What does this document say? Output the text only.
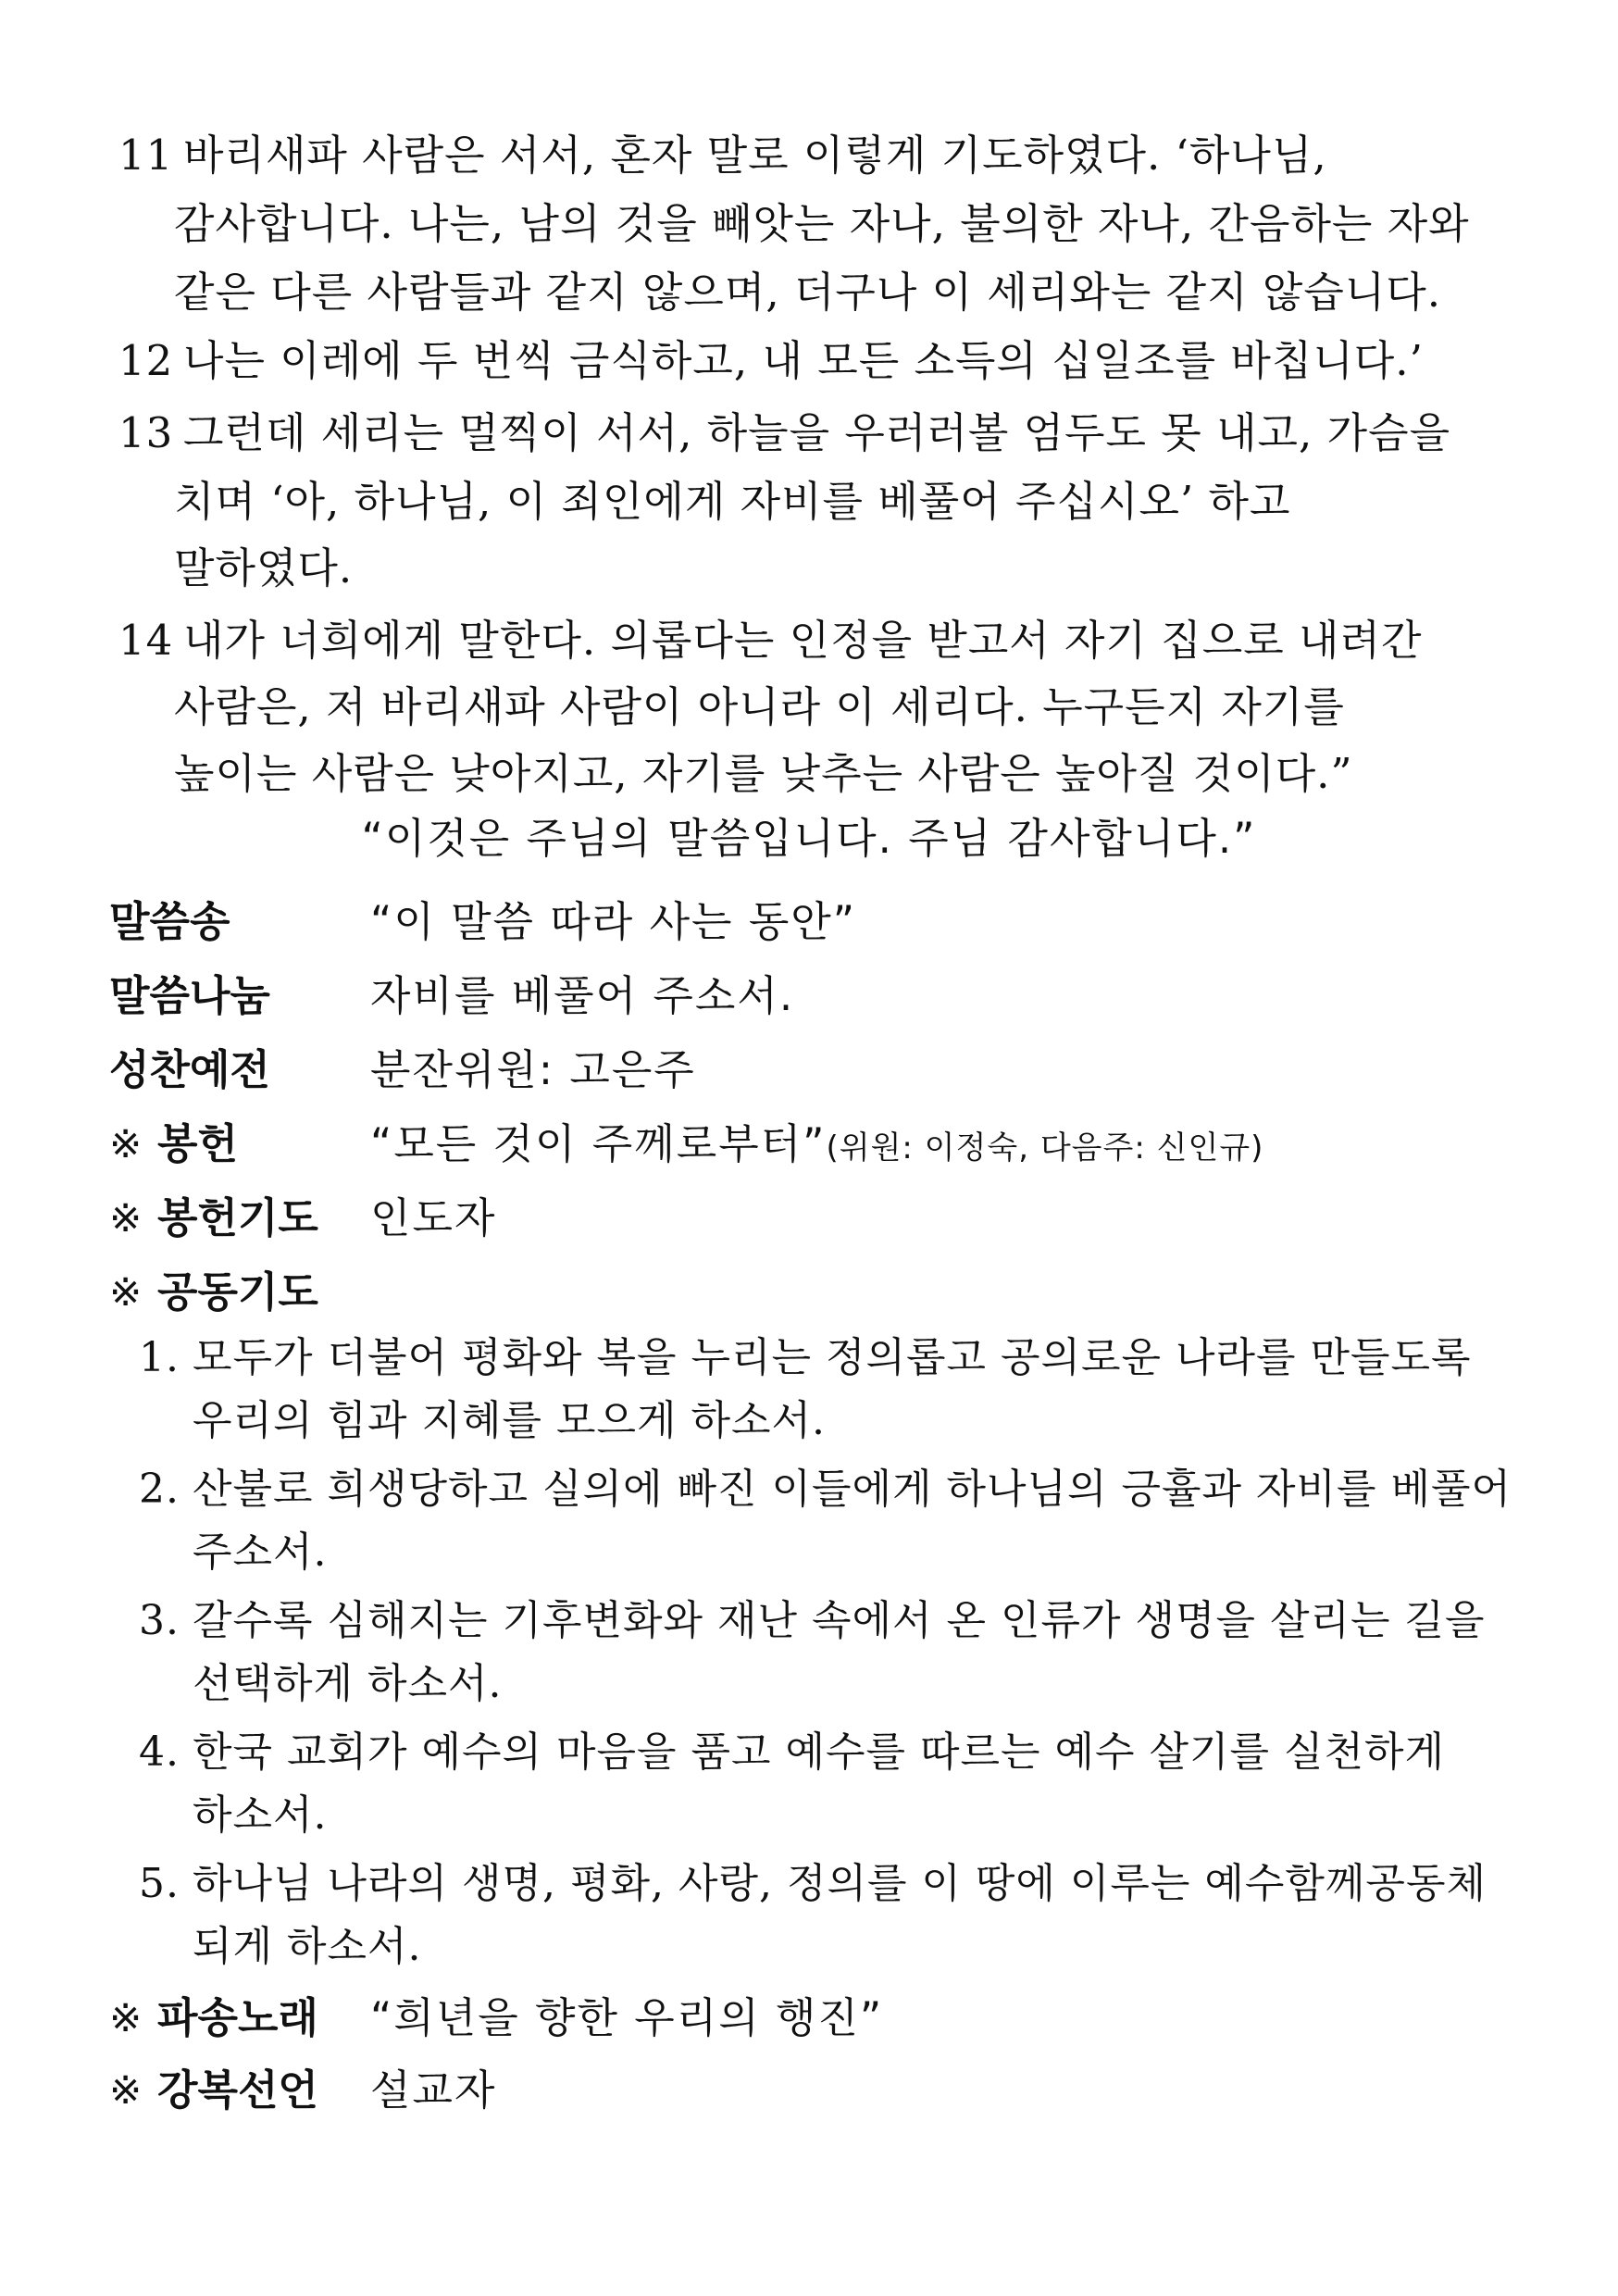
11 바리새파 사람은 서서, 혼자 말로 이렇게 기도하였다. ‘하나님,
감사합니다. 나는, 남의 것을 빼앗는 자나, 불의한 자나, 간음하는 자와
같은 다른 사람들과 같지 않으며, 더구나 이 세리와는 같지 않습니다.
12 나는 이레에 두 번씩 금식하고, 내 모든 소득의 십일조를 바칩니다.’
13 그런데 세리는 멀찍이 서서, 하늘을 우러러볼 엄두도 못 내고, 가슴을
치며 ‘아, 하나님, 이 죄인에게 자비를 베풀어 주십시오’ 하고
말하였다.
14 내가 너희에게 말한다. 의롭다는 인정을 받고서 자기 집으로 내려간
사람은, 저 바리새파 사람이 아니라 이 세리다. 누구든지 자기를
높이는 사람은 낮아지고, 자기를 낮추는 사람은 높아질 것이다.”
“이것은 주님의 말씀입니다. 주님 감사합니다.”
말씀송	“이 말씀 따라 사는 동안”
말씀나눔 자비를 베풀어 주소서.
성찬예전 분잔위원: 고은주
※ 봉헌	“모든 것이 주께로부터”(위원: 이정숙, 다음주: 신인규)
※ 봉헌기도 인도자
※ 공동기도
1. 모두가 더불어 평화와 복을 누리는 정의롭고 공의로운 나라를 만들도록
우리의 힘과 지혜를 모으게 하소서.
2. 산불로 희생당하고 실의에 빠진 이들에게 하나님의 긍휼과 자비를 베풀어
주소서.
3. 갈수록 심해지는 기후변화와 재난 속에서 온 인류가 생명을 살리는 길을
선택하게 하소서.
4. 한국 교회가 예수의 마음을 품고 예수를 따르는 예수 살기를 실천하게
하소서.
5. 하나님 나라의 생명, 평화, 사랑, 정의를 이 땅에 이루는 예수함께공동체
되게 하소서.
※ 파송노래 “희년을 향한 우리의 행진”
※ 강복선언 설교자
